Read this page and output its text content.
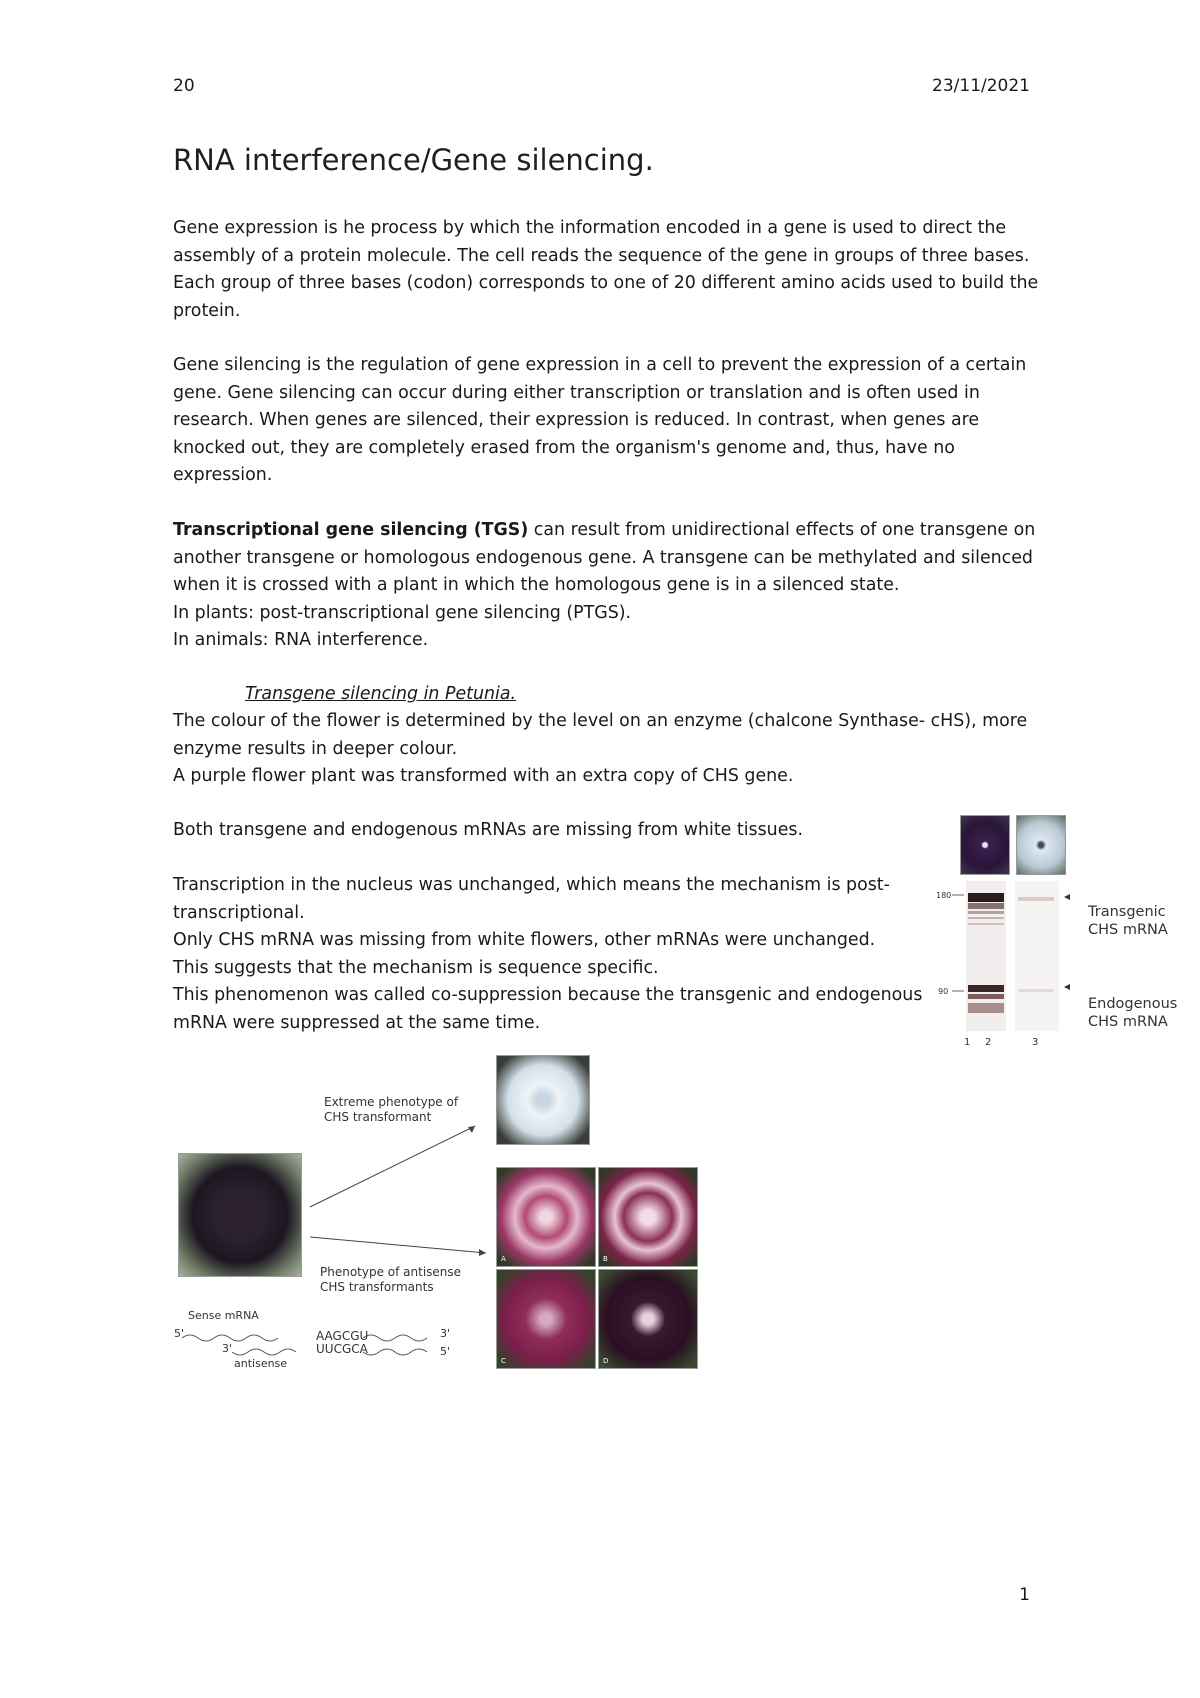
20	23/11/2021
RNA interference/Gene silencing.

Gene expression is he process by which the information encoded in a gene is used to direct the assembly of a protein molecule. The cell reads the sequence of the gene in groups of three bases. Each group of three bases (codon) corresponds to one of 20 different amino acids used to build the protein.

Gene silencing is the regulation of gene expression in a cell to prevent the expression of a certain gene. Gene silencing can occur during either transcription or translation and is often used in research. When genes are silenced, their expression is reduced. In contrast, when genes are knocked out, they are completely erased from the organism's genome and, thus, have no expression.

Transcriptional gene silencing (TGS) can result from unidirectional effects of one transgene on another transgene or homologous endogenous gene. A transgene can be methylated and silenced when it is crossed with a plant in which the homologous gene is in a silenced state.

In plants: post-transcriptional gene silencing (PTGS).

In animals: RNA interference.

Transgene silencing in Petunia.

The colour of the flower is determined by the level on an enzyme (chalcone Synthase- cHS), more enzyme results in deeper colour.

A purple flower plant was transformed with an extra copy of CHS gene.

Both transgene and endogenous mRNAs are missing from white tissues.

Transcription in the nucleus was unchanged, which means the mechanism is post-transcriptional.

Only CHS mRNA was missing from white flowers, other mRNAs were unchanged.

This suggests that the mechanism is sequence specific.

This phenomenon was called co-suppression because the transgenic and endogenous mRNA were suppressed at the same time.

180
90
Transgenic CHS mRNA
Endogenous CHS mRNA
1 2	3
A	B
C	D
Extreme phenotype of CHS transformant
Phenotype of antisense CHS transformants
Sense mRNA
5'	3'
3'	5'
AAGCGU
UUCGCA
antisense
1
